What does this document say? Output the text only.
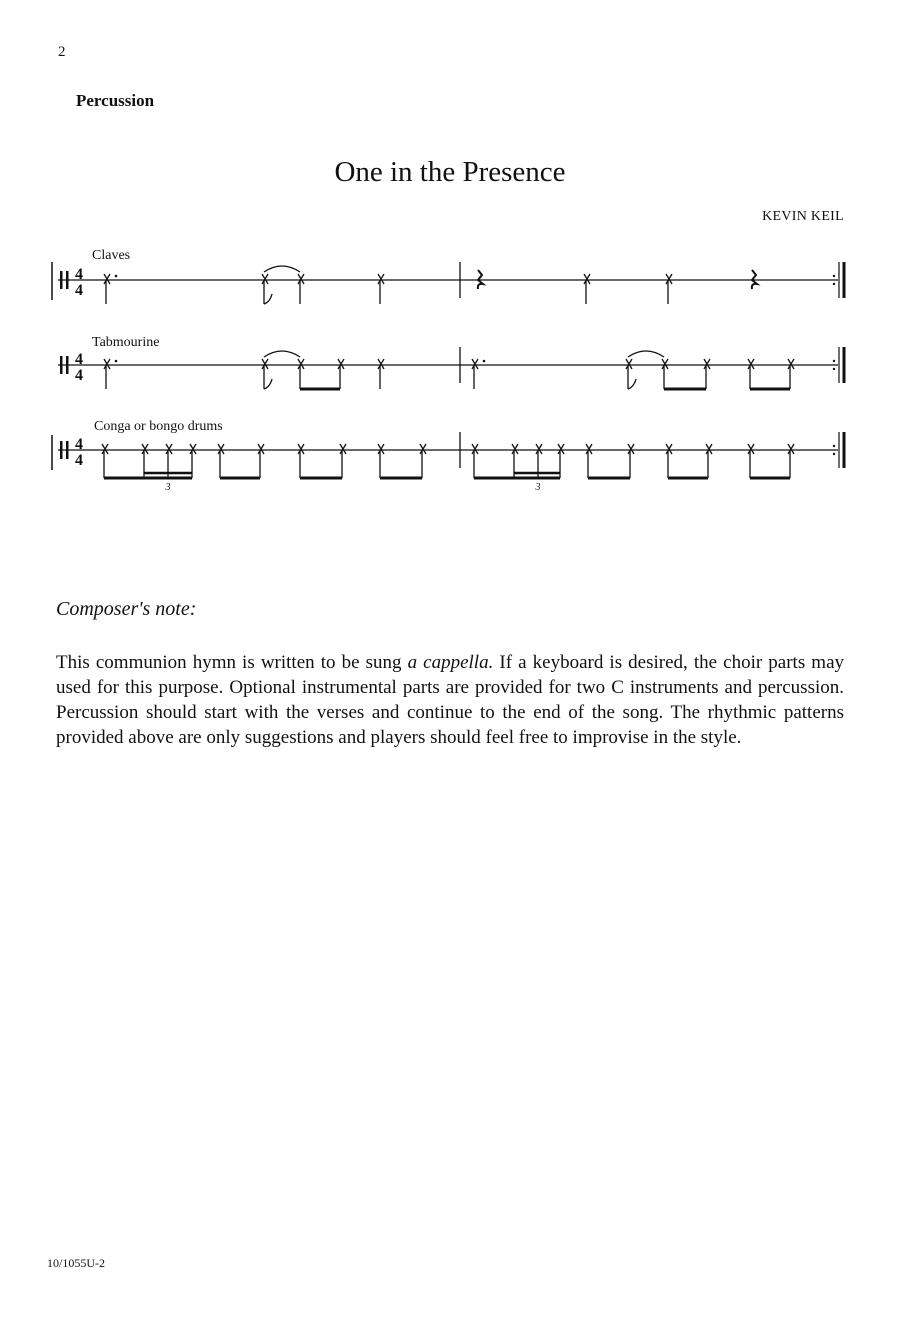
2
Percussion
One in the Presence
KEVIN KEIL
Claves
4
4
Tabmourine
4
4
Conga or bongo drums
4
4
3	3
Composer's note:
This communion hymn is written to be sung a cappella. If a keyboard is desired, the choir parts may used for this purpose. Optional instrumental parts are provided for two C instruments and percussion. Percussion should start with the verses and continue to the end of the song. The rhythmic patterns provided above are only suggestions and players should feel free to improvise in the style.
10/1055U-2
